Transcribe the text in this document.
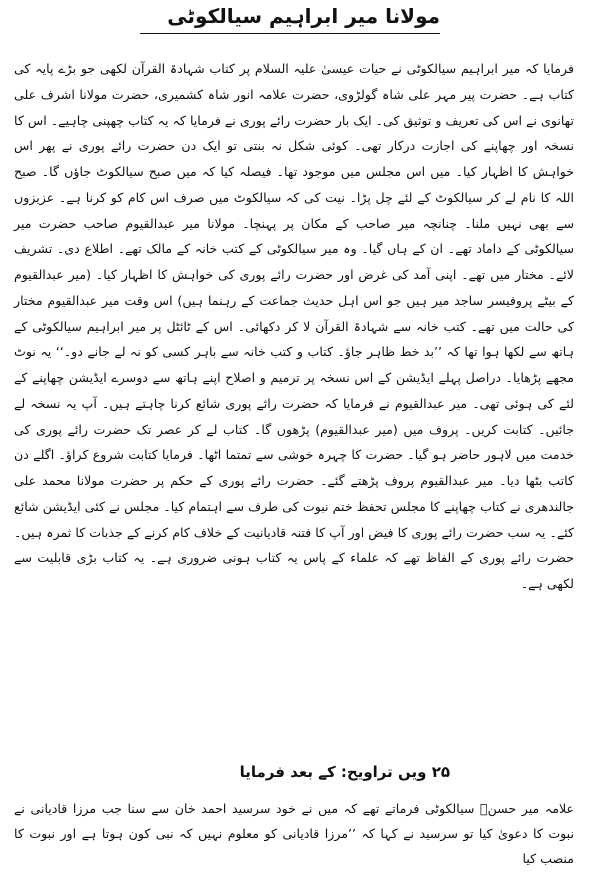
مولانا میر ابراہیم سیالکوٹی

فرمایا کہ میر ابراہیم سیالکوٹی نے حیات عیسیٰ علیہ السلام پر کتاب شہادۃ القرآن لکھی جو بڑے پایہ کی کتاب ہے۔ حضرت پیر مہر علی شاہ گولڑوی، حضرت علامہ انور شاہ کشمیری، حضرت مولانا اشرف علی تھانوی نے اس کی تعریف و توثیق کی۔ ایک بار حضرت رائے پوری نے فرمایا کہ یہ کتاب چھپنی چاہیے۔ اس کا نسخہ اور چھاپنے کی اجازت درکار تھی۔ کوئی شکل نہ بنتی تو ایک دن حضرت رائے پوری نے پھر اس خواہش کا اظہار کیا۔ میں اس مجلس میں موجود تھا۔ فیصلہ کیا کہ میں صبح سیالکوٹ جاؤں گا۔ صبح اللہ کا نام لے کر سیالکوٹ کے لئے چل پڑا۔ نیت کی کہ سیالکوٹ میں صرف اس کام کو کرنا ہے۔ عزیزوں سے بھی نہیں ملنا۔ چنانچہ میر صاحب کے مکان پر پہنچا۔ مولانا میر عبدالقیوم صاحب حضرت میر سیالکوٹی کے داماد تھے۔ ان کے ہاں گیا۔ وہ میر سیالکوٹی کے کتب خانہ کے مالک تھے۔ اطلاع دی۔ تشریف لائے۔ مختار میں تھے۔ اپنی آمد کی غرض اور حضرت رائے پوری کی خواہش کا اظہار کیا۔ (میر عبدالقیوم کے بیٹے پروفیسر ساجد میر ہیں جو اس اہل حدیث جماعت کے رہنما ہیں) اس وقت میر عبدالقیوم مختار کی حالت میں تھے۔ کتب خانہ سے شہادۃ القرآن لا کر دکھائی۔ اس کے ٹائٹل پر میر ابراہیم سیالکوٹی کے ہاتھ سے لکھا ہوا تھا کہ ’’بد خط ظاہر جاؤ۔ کتاب و کتب خانہ سے باہر کسی کو نہ لے جانے دو۔‘‘ یہ نوٹ مجھے پڑھایا۔ دراصل پہلے ایڈیشن کے اس نسخہ پر ترمیم و اصلاح اپنے ہاتھ سے دوسرے ایڈیشن چھاپنے کے لئے کی ہوئی تھی۔ میر عبدالقیوم نے فرمایا کہ حضرت رائے پوری شائع کرنا چاہتے ہیں۔ آپ یہ نسخہ لے جائیں۔ کتابت کریں۔ پروف میں (میر عبدالقیوم) پڑھوں گا۔ کتاب لے کر عصر تک حضرت رائے پوری کی خدمت میں لاہور حاضر ہو گیا۔ حضرت کا چہرہ خوشی سے تمتما اٹھا۔ فرمایا کتابت شروع کراؤ۔ اگلے دن کاتب بٹھا دیا۔ میر عبدالقیوم پروف پڑھتے گئے۔ حضرت رائے پوری کے حکم پر حضرت مولانا محمد علی جالندھری نے کتاب چھاپنے کا مجلس تحفظ ختم نبوت کی طرف سے اہتمام کیا۔ مجلس نے کئی ایڈیشن شائع کئے۔ یہ سب حضرت رائے پوری کا فیض اور آپ کا فتنہ قادیانیت کے خلاف کام کرنے کے جذبات کا ثمرہ ہیں۔ حضرت رائے پوری کے الفاظ تھے کہ علماء کے پاس یہ کتاب ہونی ضروری ہے۔ یہ کتاب بڑی قابلیت سے لکھی ہے۔

۲۵ ویں تراویح: کے بعد فرمایا

علامہ میر حسنؒ سیالکوٹی فرماتے تھے کہ میں نے خود سرسید احمد خان سے سنا جب مرزا قادیانی نے نبوت کا دعویٰ کیا تو سرسید نے کہا کہ ’’مرزا قادیانی کو معلوم نہیں کہ نبی کون ہوتا ہے اور نبوت کا منصب کیا
